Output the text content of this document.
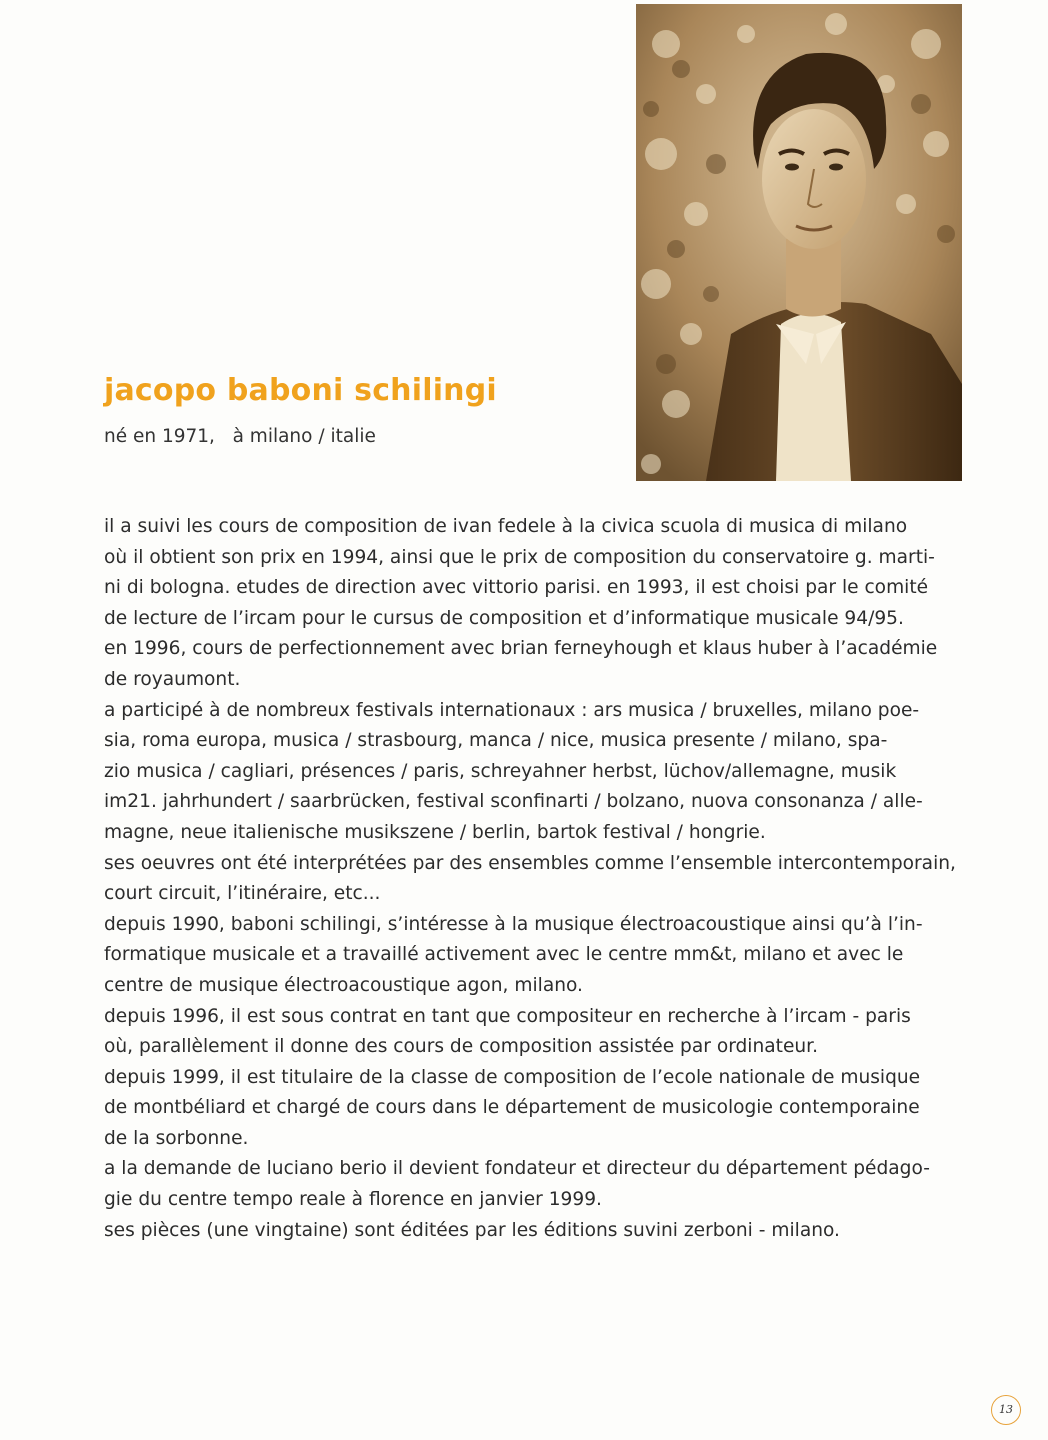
jacopo baboni schilingi

né en 1971,   à milano / italie

il a suivi les cours de composition de ivan fedele à la civica scuola di musica di milano
où il obtient son prix en 1994, ainsi que le prix de composition du conservatoire g. marti-
ni di bologna. etudes de direction avec vittorio parisi. en 1993, il est choisi par le comité
de lecture de l’ircam pour le cursus de composition et d’informatique musicale 94/95.
en 1996, cours de perfectionnement avec brian ferneyhough et klaus huber à l’académie
de royaumont.
a participé à de nombreux festivals internationaux : ars musica / bruxelles, milano poe-
sia, roma europa, musica / strasbourg, manca / nice, musica presente / milano, spa-
zio musica / cagliari, présences / paris, schreyahner herbst, lüchov/allemagne, musik
im21. jahrhundert / saarbrücken, festival sconfinarti / bolzano, nuova consonanza / alle-
magne, neue italienische musikszene / berlin, bartok festival / hongrie.
ses oeuvres ont été interprétées par des ensembles comme l’ensemble intercontemporain,
court circuit, l’itinéraire, etc...
depuis 1990, baboni schilingi, s’intéresse à la musique électroacoustique ainsi qu’à l’in-
formatique musicale et a travaillé activement avec le centre mm&t, milano et avec le
centre de musique électroacoustique agon, milano.
depuis 1996, il est sous contrat en tant que compositeur en recherche à l’ircam - paris
où, parallèlement il donne des cours de composition assistée par ordinateur.
depuis 1999, il est titulaire de la classe de composition de l’ecole nationale de musique
de montbéliard et chargé de cours dans le département de musicologie contemporaine
de la sorbonne.
a la demande de luciano berio il devient fondateur et directeur du département pédago-
gie du centre tempo reale à florence en janvier 1999.
ses pièces (une vingtaine) sont éditées par les éditions suvini zerboni - milano.
13
